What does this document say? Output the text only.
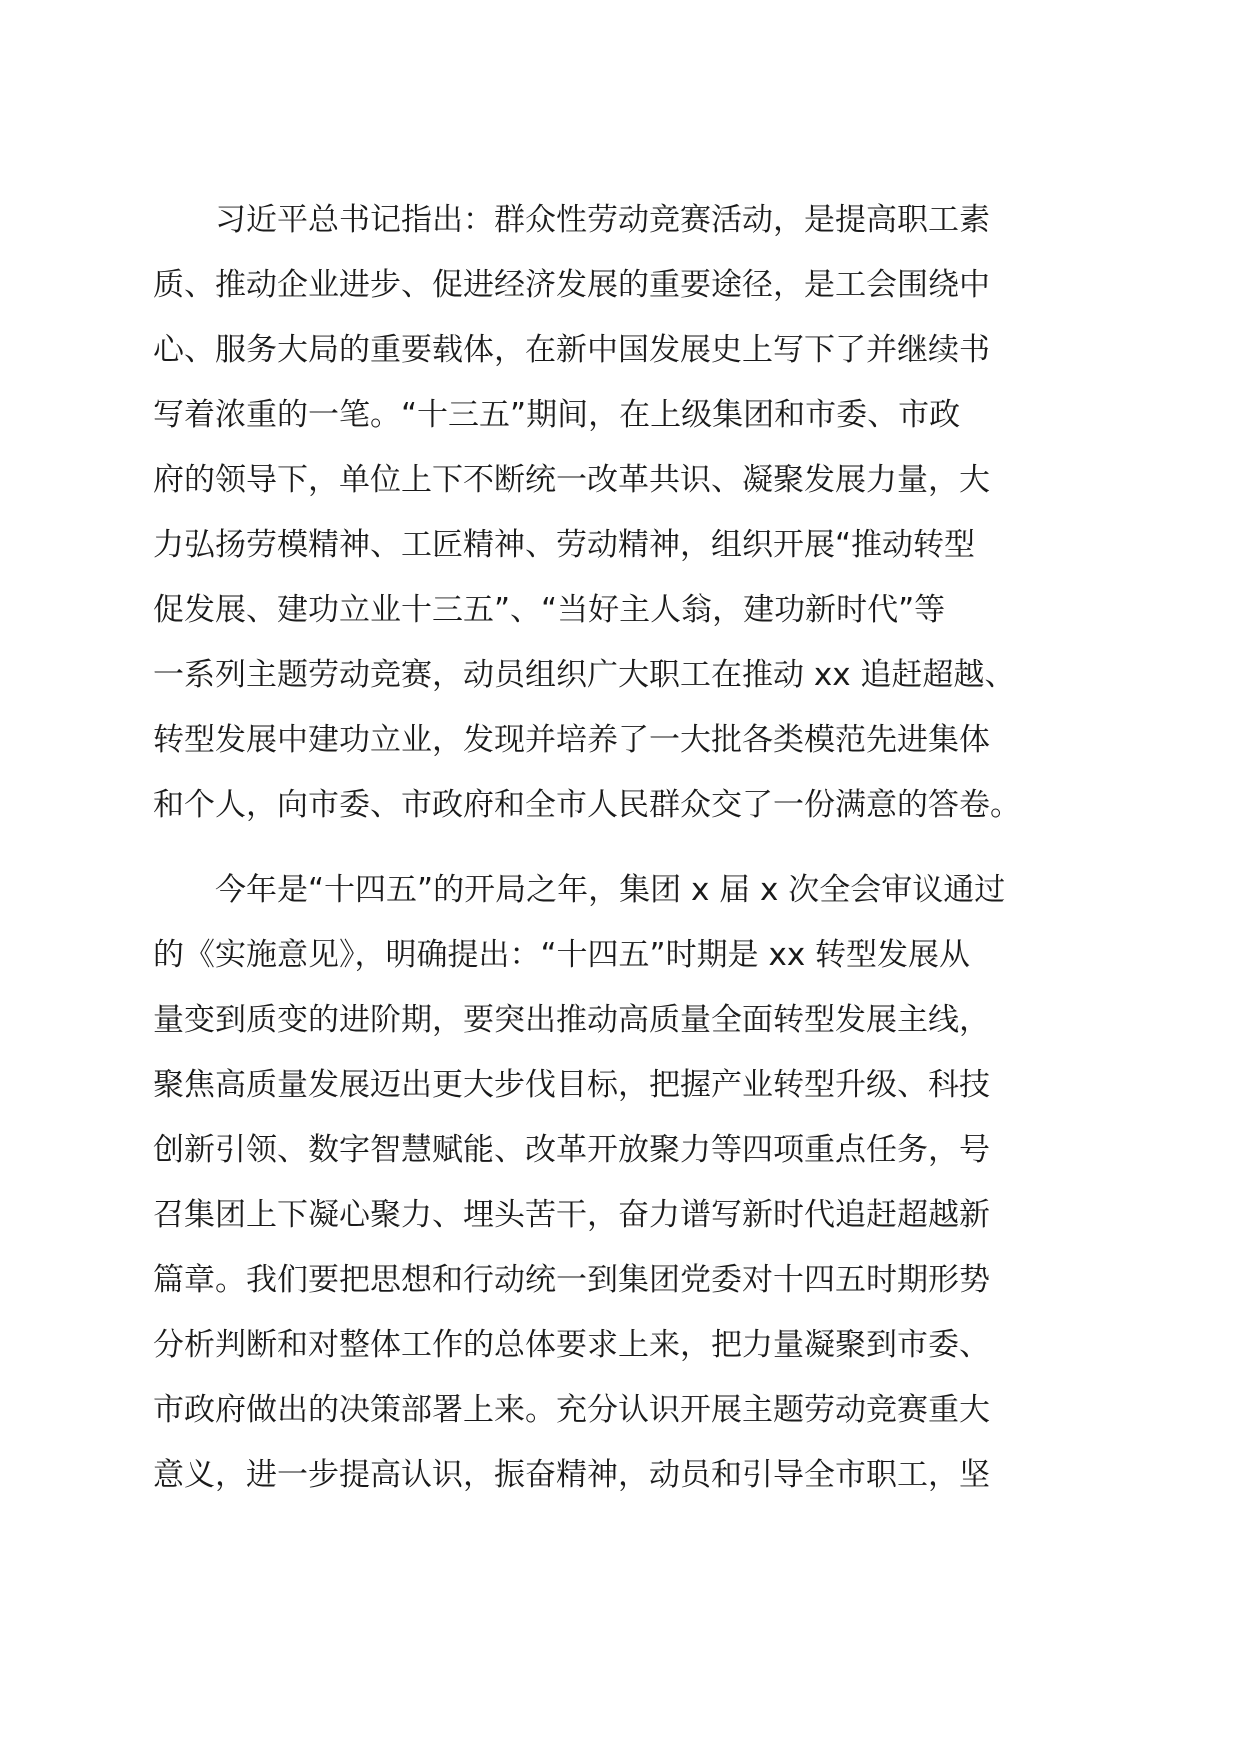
　　习近平总书记指出：群众性劳动竞赛活动，是提高职工素
质、推动企业进步、促进经济发展的重要途径，是工会围绕中
心、服务大局的重要载体，在新中国发展史上写下了并继续书
写着浓重的一笔。“十三五”期间，在上级集团和市委、市政
府的领导下，单位上下不断统一改革共识、凝聚发展力量，大
力弘扬劳模精神、工匠精神、劳动精神，组织开展“推动转型
促发展、建功立业十三五”、“当好主人翁，建功新时代”等
一系列主题劳动竞赛，动员组织广大职工在推动 xx 追赶超越、
转型发展中建功立业，发现并培养了一大批各类模范先进集体
和个人，向市委、市政府和全市人民群众交了一份满意的答卷。
　　今年是“十四五”的开局之年，集团 x 届 x 次全会审议通过
的《实施意见》，明确提出：“十四五”时期是 xx 转型发展从
量变到质变的进阶期，要突出推动高质量全面转型发展主线，
聚焦高质量发展迈出更大步伐目标，把握产业转型升级、科技
创新引领、数字智慧赋能、改革开放聚力等四项重点任务，号
召集团上下凝心聚力、埋头苦干，奋力谱写新时代追赶超越新
篇章。我们要把思想和行动统一到集团党委对十四五时期形势
分析判断和对整体工作的总体要求上来，把力量凝聚到市委、
市政府做出的决策部署上来。充分认识开展主题劳动竞赛重大
意义，进一步提高认识，振奋精神，动员和引导全市职工，坚
